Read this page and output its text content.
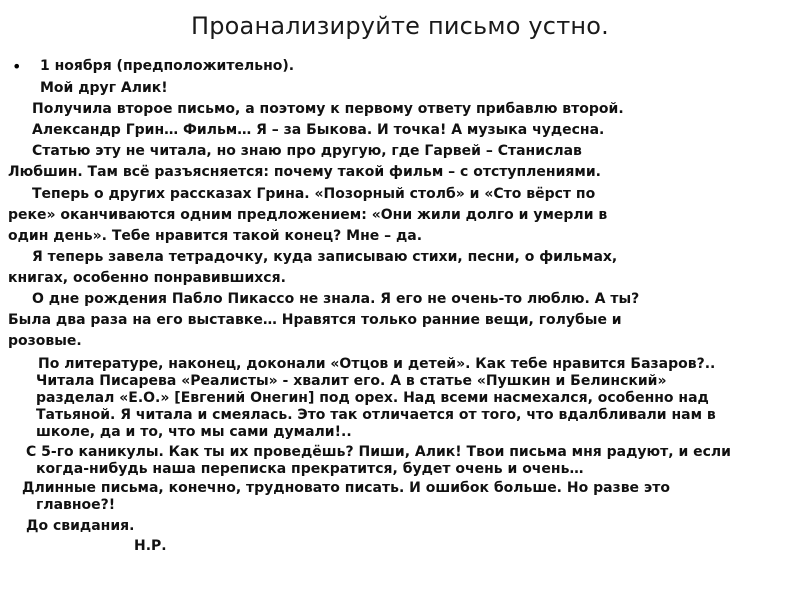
Проанализируйте письмо устно.
• 1 ноября (предположительно).

Мой друг Алик!

Получила второе письмо, а поэтому к первому ответу прибавлю второй.

Александр Грин… Фильм… Я – за Быкова. И точка! А музыка чудесна.

Статью эту не читала, но знаю про другую, где Гарвей – Станислав

Любшин. Там всё разъясняется: почему такой фильм – с отступлениями.

Теперь о других рассказах Грина. «Позорный столб» и «Сто вёрст по

реке» оканчиваются одним предложением: «Они жили долго и умерли в

один день». Тебе нравится такой конец? Мне – да.

Я теперь завела тетрадочку, куда записываю стихи, песни, о фильмах,

книгах, особенно понравившихся.

О дне рождения Пабло Пикассо не знала. Я его не очень-то люблю. А ты?

Была два раза на его выставке… Нравятся только ранние вещи, голубые и

розовые.

По литературе, наконец, доконали «Отцов и детей». Как тебе нравится Базаров?..

Читала Писарева «Реалисты» - хвалит его. А в статье «Пушкин и Белинский»

разделал «Е.О.» [Евгений Онегин] под орех. Над всеми насмехался, особенно над

Татьяной. Я читала и смеялась. Это так отличается от того, что вдалбливали нам в

школе, да и то, что мы сами думали!..

С 5-го каникулы. Как ты их проведёшь? Пиши, Алик! Твои письма мня радуют, и если

когда-нибудь наша переписка прекратится, будет очень и очень…

Длинные письма, конечно, трудновато писать. И ошибок больше. Но разве это

главное?!

До свидания.

Н.Р.
